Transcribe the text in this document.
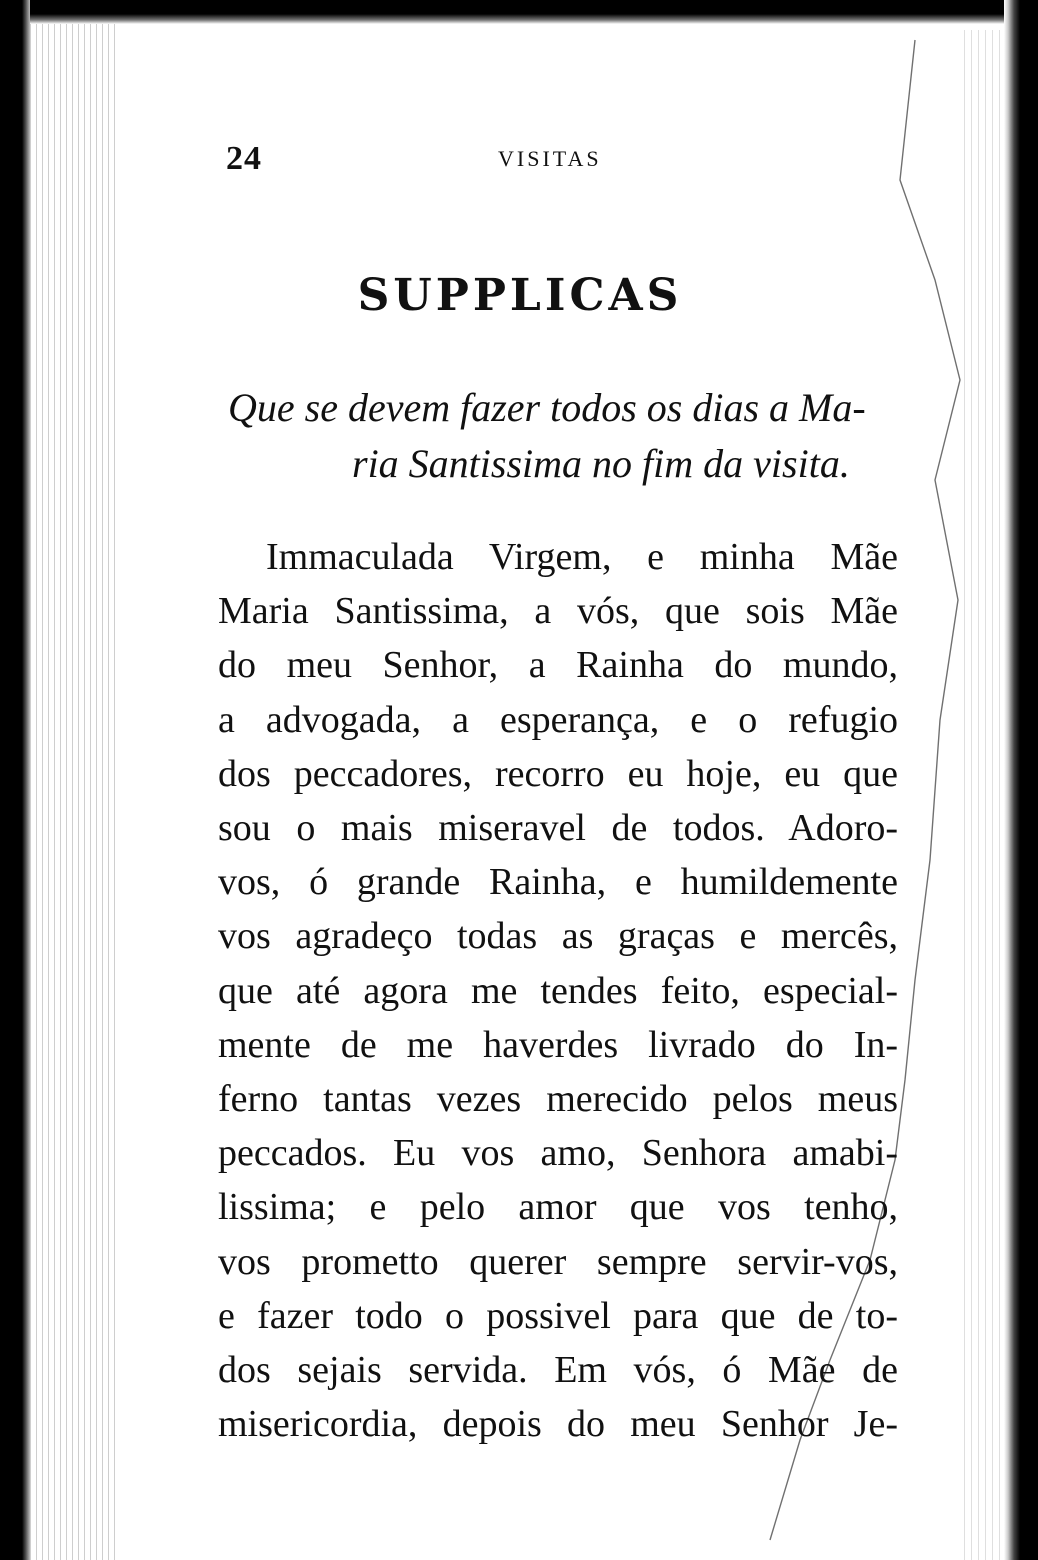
24	VISITAS
SUPPLICAS
Que se devem fazer todos os dias a Ma-
ria Santissima no fim da visita.
Immaculada Virgem, e minha Mãe
Maria Santissima, a vós, que sois Mãe
do meu Senhor, a Rainha do mundo,
a advogada, a esperança, e o refugio
dos peccadores, recorro eu hoje, eu que
sou o mais miseravel de todos. Adoro-
vos, ó grande Rainha, e humildemente
vos agradeço todas as graças e mercês,
que até agora me tendes feito, especial-
mente de me haverdes livrado do In-
ferno tantas vezes merecido pelos meus
peccados. Eu vos amo, Senhora amabi-
lissima; e pelo amor que vos tenho,
vos prometto querer sempre servir-vos,
e fazer todo o possivel para que de to-
dos sejais servida. Em vós, ó Mãe de
misericordia, depois do meu Senhor Je-
